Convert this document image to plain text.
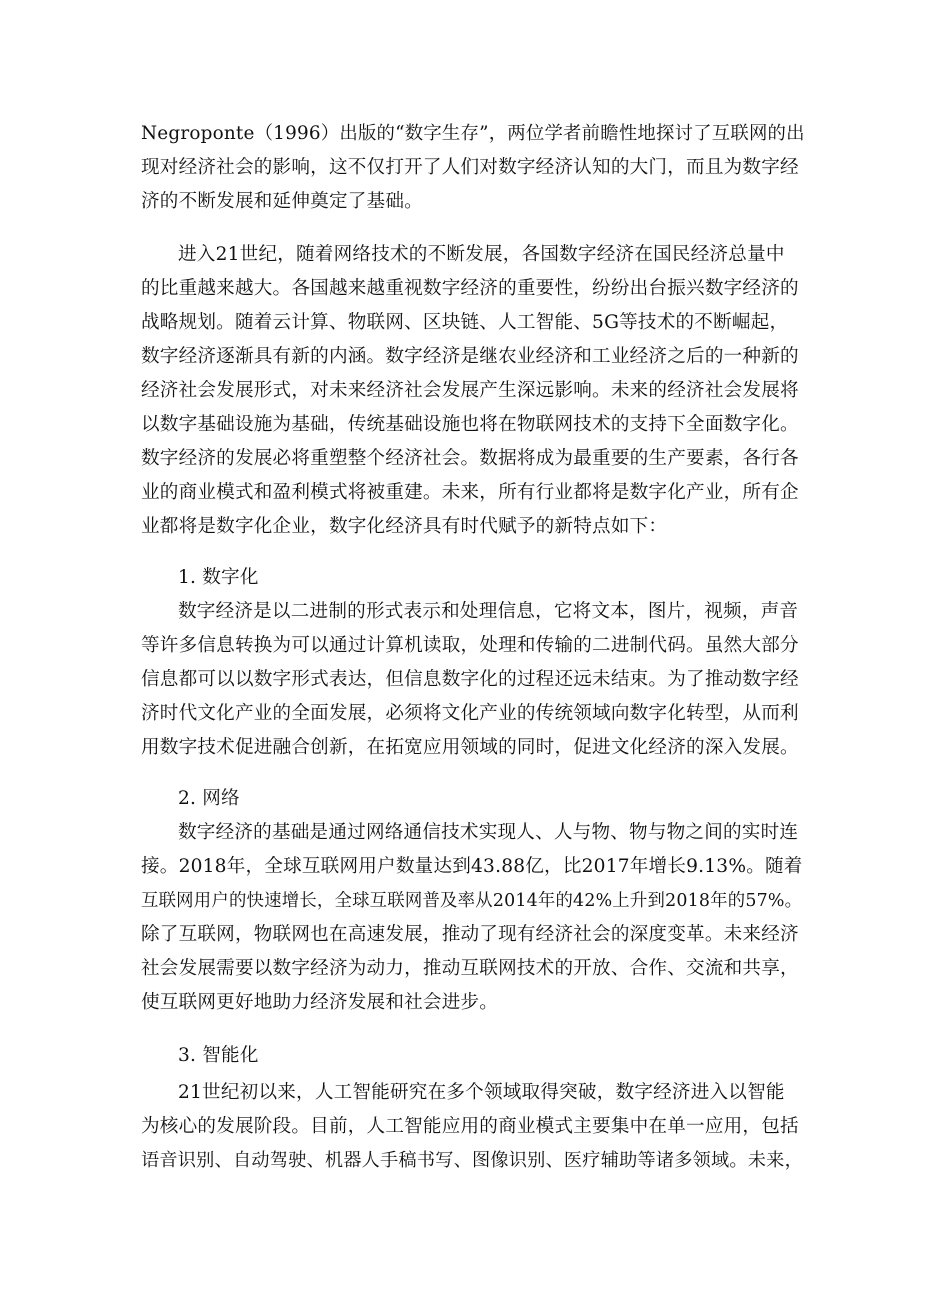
Negroponte（1996）出版的“数字生存”，两位学者前瞻性地探讨了互联网的出
现对经济社会的影响，这不仅打开了人们对数字经济认知的大门，而且为数字经
济的不断发展和延伸奠定了基础。
进入21世纪，随着网络技术的不断发展，各国数字经济在国民经济总量中
的比重越来越大。各国越来越重视数字经济的重要性，纷纷出台振兴数字经济的
战略规划。随着云计算、物联网、区块链、人工智能、5G等技术的不断崛起，
数字经济逐渐具有新的内涵。数字经济是继农业经济和工业经济之后的一种新的
经济社会发展形式，对未来经济社会发展产生深远影响。未来的经济社会发展将
以数字基础设施为基础，传统基础设施也将在物联网技术的支持下全面数字化。
数字经济的发展必将重塑整个经济社会。数据将成为最重要的生产要素，各行各
业的商业模式和盈利模式将被重建。未来，所有行业都将是数字化产业，所有企
业都将是数字化企业，数字化经济具有时代赋予的新特点如下：
1. 数字化
数字经济是以二进制的形式表示和处理信息，它将文本，图片，视频，声音
等许多信息转换为可以通过计算机读取，处理和传输的二进制代码。虽然大部分
信息都可以以数字形式表达，但信息数字化的过程还远未结束。为了推动数字经
济时代文化产业的全面发展，必须将文化产业的传统领域向数字化转型，从而利
用数字技术促进融合创新，在拓宽应用领域的同时，促进文化经济的深入发展。
2. 网络
数字经济的基础是通过网络通信技术实现人、人与物、物与物之间的实时连
接。2018年，全球互联网用户数量达到43.88亿，比2017年增长9.13%。随着
互联网用户的快速增长，全球互联网普及率从2014年的42%上升到2018年的57%。
除了互联网，物联网也在高速发展，推动了现有经济社会的深度变革。未来经济
社会发展需要以数字经济为动力，推动互联网技术的开放、合作、交流和共享，
使互联网更好地助力经济发展和社会进步。
3. 智能化
21世纪初以来，人工智能研究在多个领域取得突破，数字经济进入以智能
为核心的发展阶段。目前，人工智能应用的商业模式主要集中在单一应用，包括
语音识别、自动驾驶、机器人手稿书写、图像识别、医疗辅助等诸多领域。未来，
